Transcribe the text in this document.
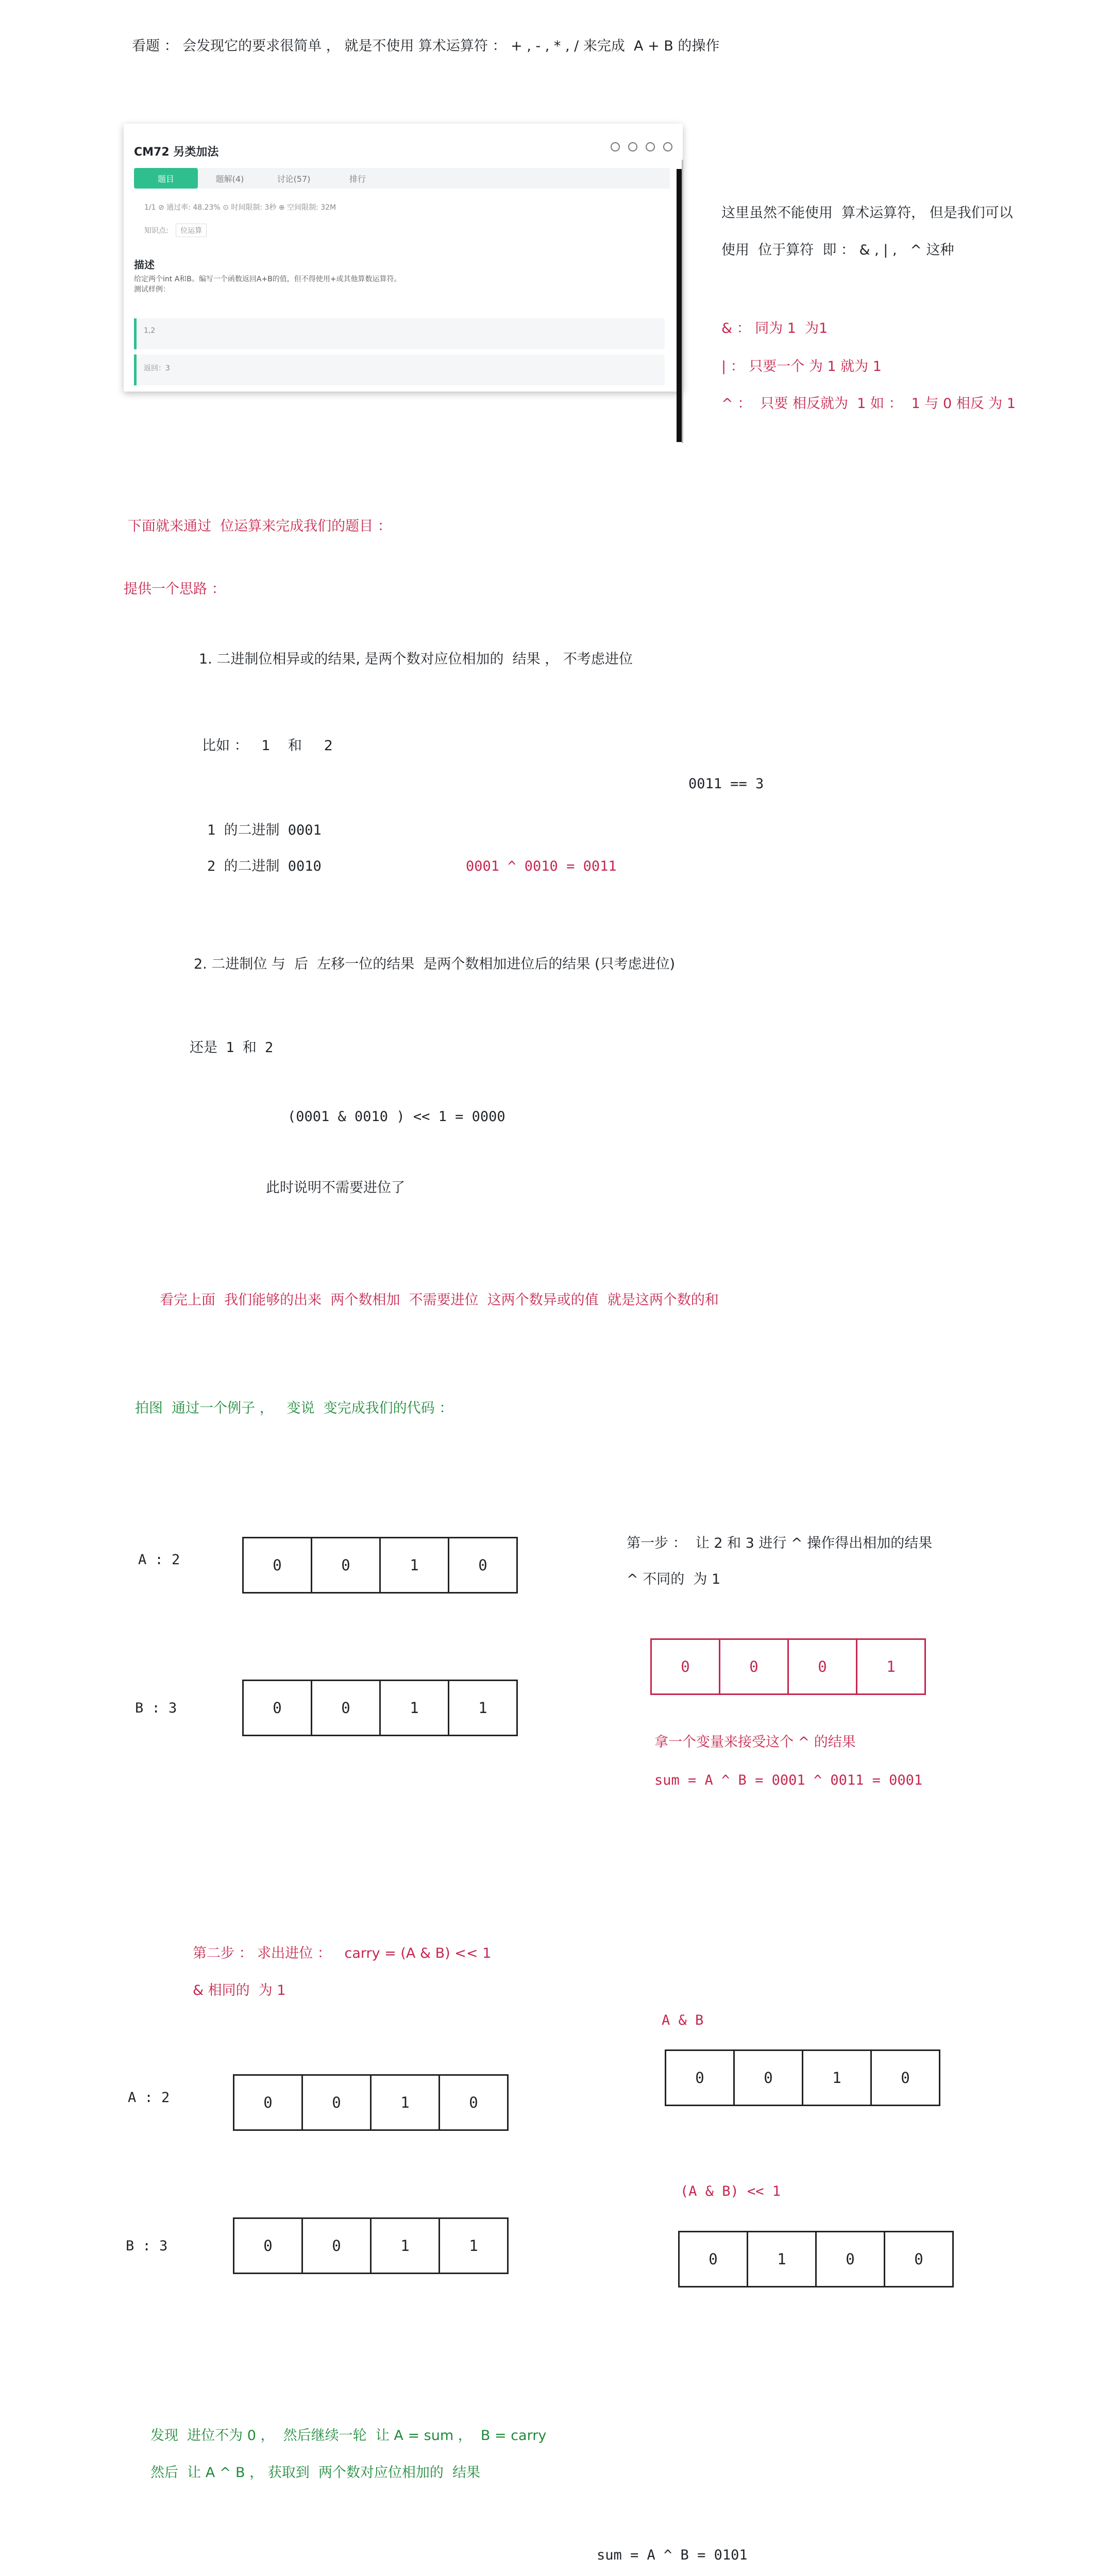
看题 ： 会发现它的要求很简单 ， 就是不使用 算术运算符 ： + , - , * , / 来完成  A + B 的操作
CM72 另类加法
题目	题解(4)	讨论(57)	排行
1/1 ⊘ 通过率: 48.23% ⊙ 时间限制: 3秒 ⊕ 空间限制: 32M
知识点: 位运算
描述
给定两个int A和B。编写一个函数返回A+B的值，但不得使用+或其他算数运算符。
测试样例：
1,2
返回：3
这里虽然不能使用  算术运算符， 但是我们可以
使用  位于算符  即 ： & , | ,   ^ 这种
& ： 同为 1  为1
| ： 只要一个 为 1 就为 1
^ ：  只要 相反就为  1 如 ：  1 与 0 相反 为 1
下面就来通过  位运算来完成我们的题目 ：
提供一个思路 ：
1. 二进制位相异或的结果, 是两个数对应位相加的  结果 ， 不考虑进位
比如 ：   1    和     2
0011 == 3
1 的二进制 0001
2 的二进制 0010	0001 ^ 0010 = 0011
2. 二进制位 与  后  左移一位的结果  是两个数相加进位后的结果 (只考虑进位)
还是 1 和 2
(0001 & 0010 ) << 1 = 0000
此时说明不需要进位了
看完上面  我们能够的出来  两个数相加  不需要进位  这两个数异或的值  就是这两个数的和
拍图  通过一个例子 ，   变说  变完成我们的代码 ：
A : 2	0	0	1	0
B : 3	0	0	1	1
第一步 ：  让 2 和 3 进行 ^ 操作得出相加的结果
^ 不同的  为 1
0	0	0	1
拿一个变量来接受这个 ^ 的结果
sum = A ^ B = 0001 ^ 0011 = 0001
第二步 ： 求出进位 ：   carry = (A & B) << 1
& 相同的  为 1
A : 2	0	0	1	0
B : 3	0	0	1	1
A & B
0	0	1	0
(A & B) << 1
0	1	0	0
发现  进位不为 0 ，  然后继续一轮  让 A = sum ，  B = carry
然后  让 A ^ B ， 获取到  两个数对应位相加的  结果
sum = A ^ B = 0101
